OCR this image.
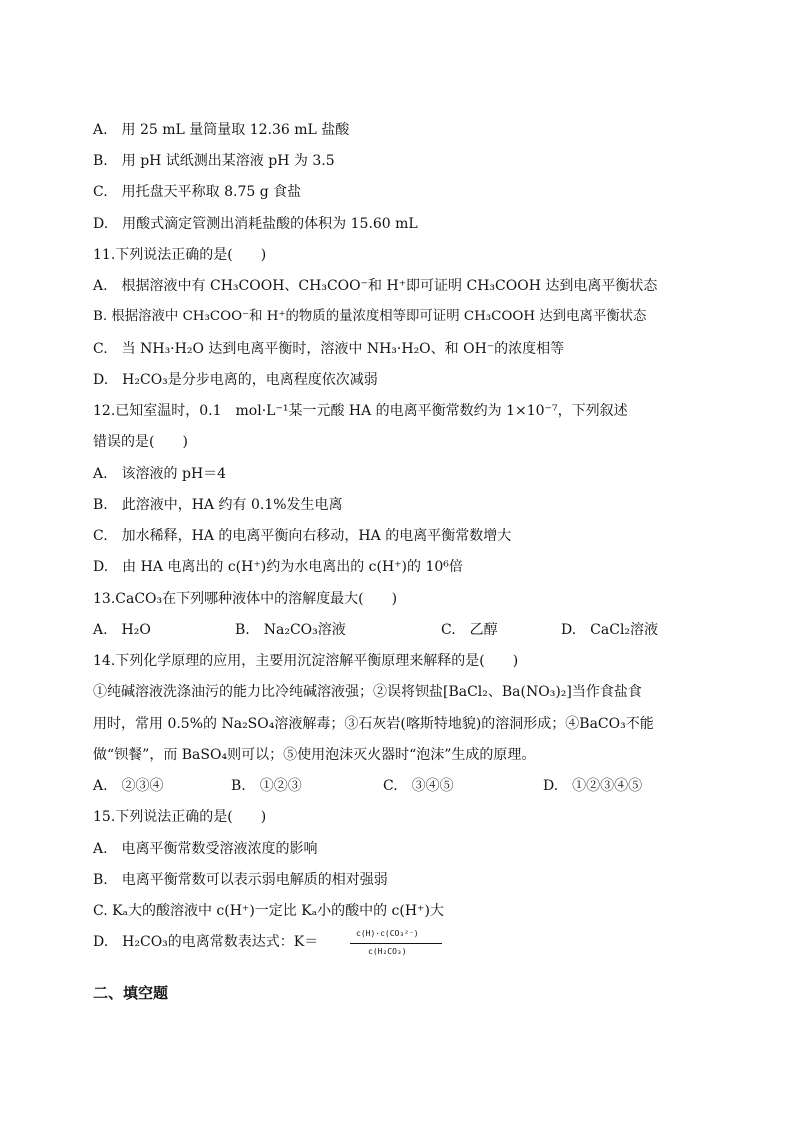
A.　用 25 mL 量筒量取 12.36 mL 盐酸
B.　用 pH 试纸测出某溶液 pH 为 3.5
C.　用托盘天平称取 8.75 g 食盐
D.　用酸式滴定管测出消耗盐酸的体积为 15.60 mL
11.下列说法正确的是(　　)
A.　根据溶液中有 CH₃COOH、CH₃COO⁻和 H⁺即可证明 CH₃COOH 达到电离平衡状态
B. 根据溶液中 CH₃COO⁻和 H⁺的物质的量浓度相等即可证明 CH₃COOH 达到电离平衡状态
C.　当 NH₃·H₂O 达到电离平衡时，溶液中 NH₃·H₂O、和 OH⁻的浓度相等
D.　H₂CO₃是分步电离的，电离程度依次减弱
12.已知室温时，0.1　mol·L⁻¹某一元酸 HA 的电离平衡常数约为 1×10⁻⁷，下列叙述
错误的是(　　)
A.　该溶液的 pH＝4
B.　此溶液中，HA 约有 0.1%发生电离
C.　加水稀释，HA 的电离平衡向右移动，HA 的电离平衡常数增大
D.　由 HA 电离出的 c(H⁺)约为水电离出的 c(H⁺)的 10⁶倍
13.CaCO₃在下列哪种液体中的溶解度最大(　　)
A.　H₂O	B.　Na₂CO₃溶液	C.　乙醇	D.　CaCl₂溶液
14.下列化学原理的应用，主要用沉淀溶解平衡原理来解释的是(　　)
①纯碱溶液洗涤油污的能力比冷纯碱溶液强；②误将钡盐[BaCl₂、Ba(NO₃)₂]当作食盐食
用时，常用 0.5%的 Na₂SO₄溶液解毒；③石灰岩(喀斯特地貌)的溶洞形成；④BaCO₃不能
做“钡餐”，而 BaSO₄则可以；⑤使用泡沫灭火器时“泡沫”生成的原理。
A.　②③④	B.　①②③	C.　③④⑤	D.　①②③④⑤
15.下列说法正确的是(　　)
A.　电离平衡常数受溶液浓度的影响
B.　电离平衡常数可以表示弱电解质的相对强弱
C. Kₐ大的酸溶液中 c(H⁺)一定比 Kₐ小的酸中的 c(H⁺)大
D.　H₂CO₃的电离常数表达式：K＝
c(H)·c(CO₃²⁻)
c(H₂CO₃)
二、填空题
